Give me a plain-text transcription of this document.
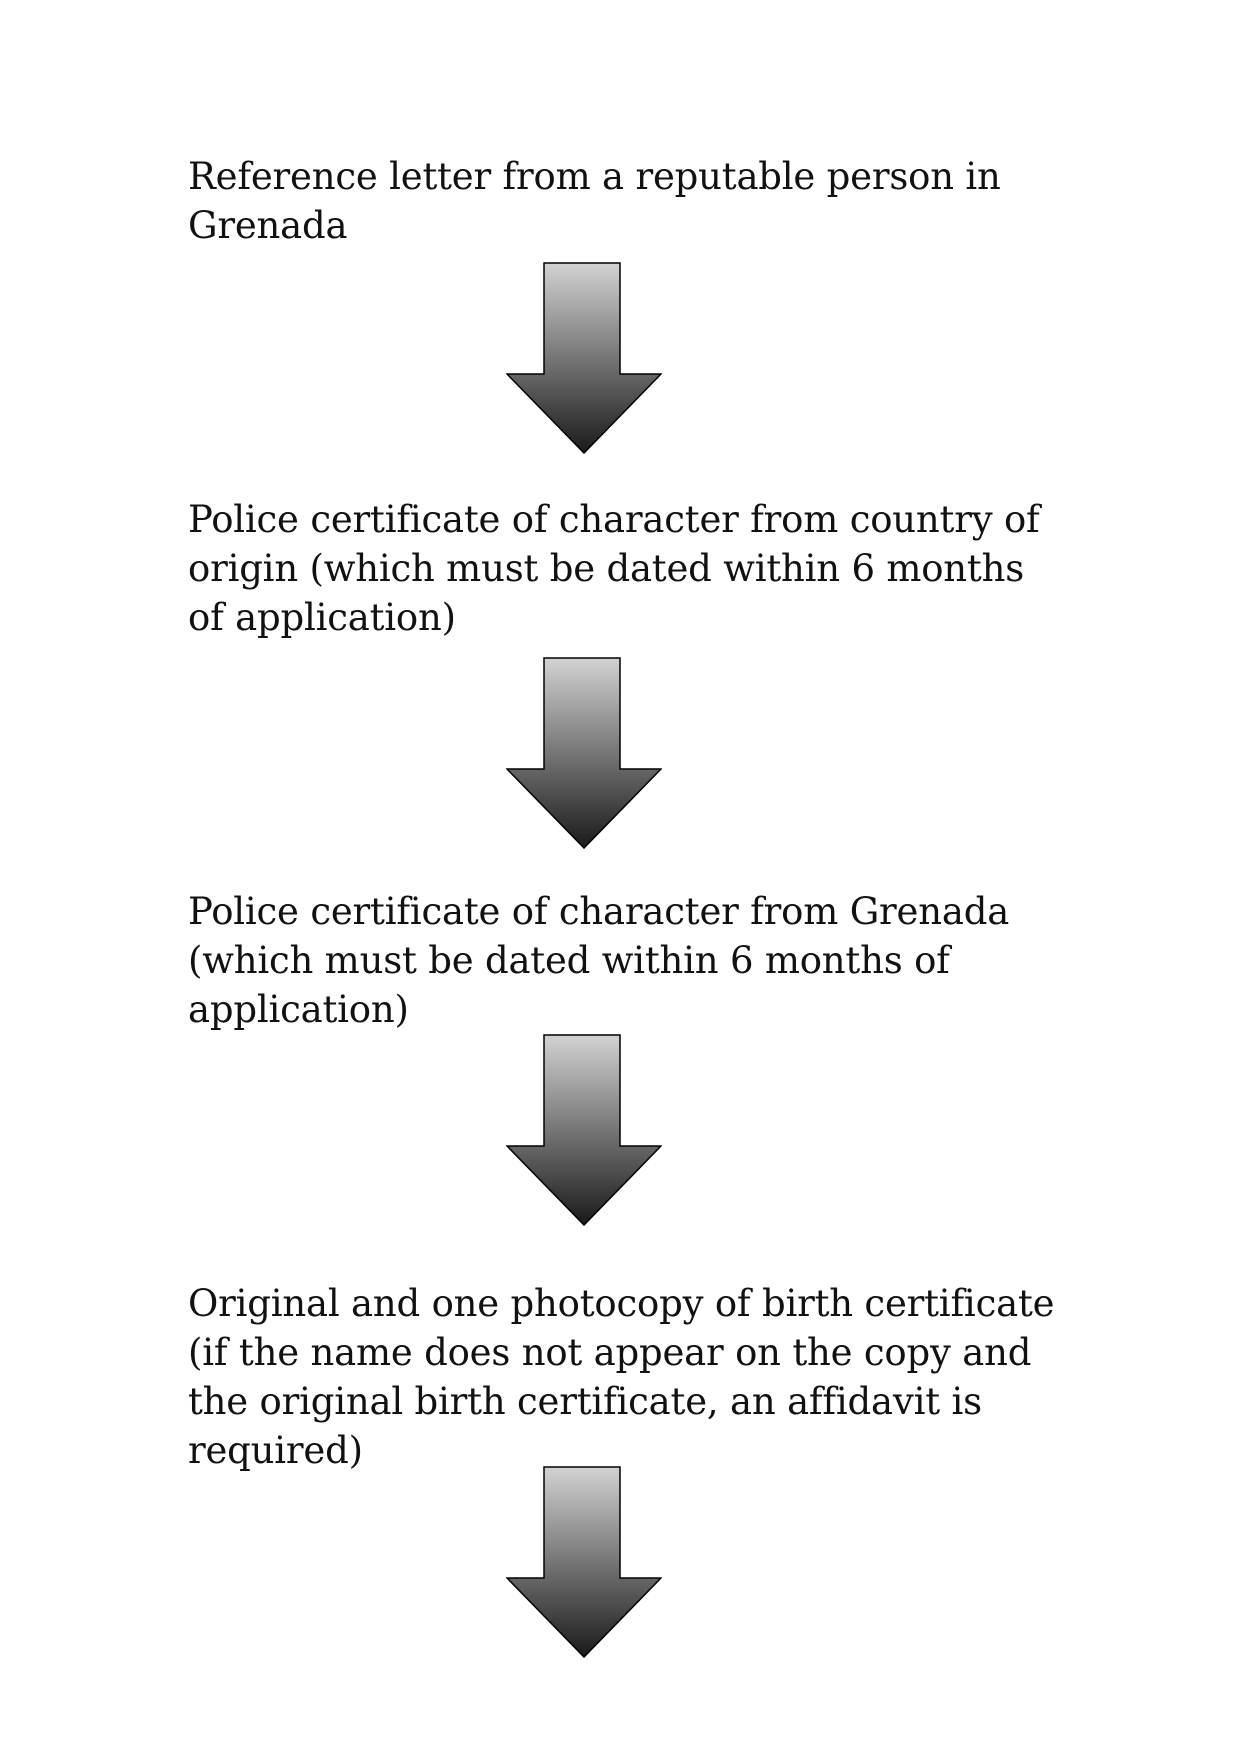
Reference letter from a reputable person in Grenada

Police certificate of character from country of origin (which must be dated within 6 months of application)

Police certificate of character from Grenada (which must be dated within 6 months of application)

Original and one photocopy of birth certificate (if the name does not appear on the copy and the original birth certificate, an affidavit is required)
